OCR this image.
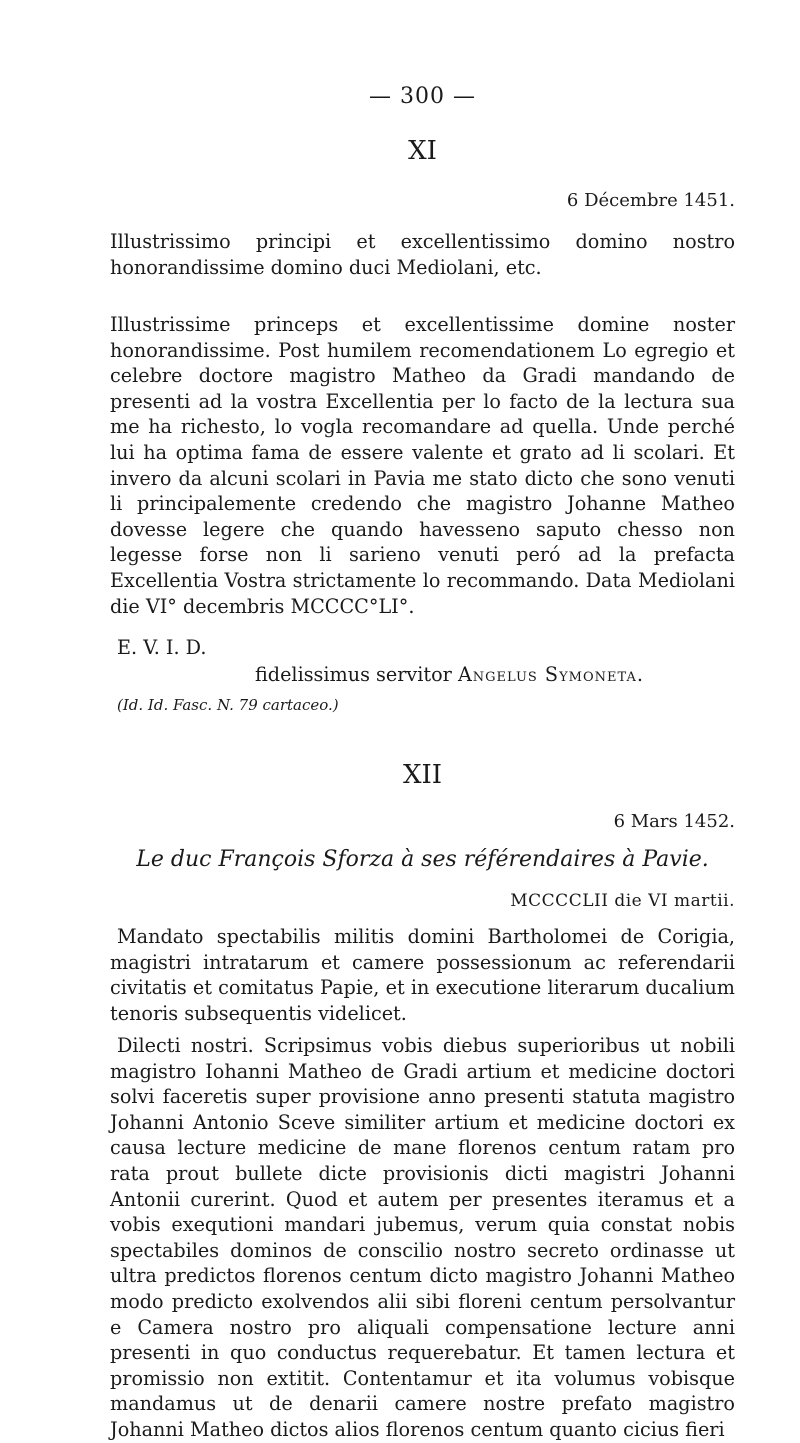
— 300 —
XI
6 Décembre 1451.

Illustrissimo principi et excellentissimo domino nostro honorandissime domino duci Mediolani, etc.

Illustrissime princeps et excellentissime domine noster honorandissime. Post humilem recomendationem Lo egregio et celebre doctore magistro Matheo da Gradi mandando de presenti ad la vostra Excellentia per lo facto de la lectura sua me ha richesto, lo vogla recomandare ad quella. Unde perché lui ha optima fama de essere valente et grato ad li scolari. Et invero da alcuni scolari in Pavia me stato dicto che sono venuti li principalemente credendo che magistro Johanne Matheo dovesse legere che quando havesseno saputo chesso non legesse forse non li sarieno venuti peró ad la prefacta Excellentia Vostra strictamente lo recommando. Data Mediolani die VI° decembris MCCCC°LI°.

E. V. I. D.
fidelissimus servitor Angelus Symoneta.
(Id. Id. Fasc. N. 79 cartaceo.)
XII
6 Mars 1452.
Le duc François Sforza à ses référendaires à Pavie.
MCCCCLII die VI martii.

Mandato spectabilis militis domini Bartholomei de Corigia, magistri intratarum et camere possessionum ac referendarii civitatis et comitatus Papie, et in executione literarum ducalium tenoris subsequentis videlicet.

Dilecti nostri. Scripsimus vobis diebus superioribus ut nobili magistro Iohanni Matheo de Gradi artium et medicine doctori solvi faceretis super provisione anno presenti statuta magistro Johanni Antonio Sceve similiter artium et medicine doctori ex causa lecture medicine de mane florenos centum ratam pro rata prout bullete dicte provisionis dicti magistri Johanni Antonii curerint. Quod et autem per presentes iteramus et a vobis exequtioni mandari jubemus, verum quia constat nobis spectabiles dominos de conscilio nostro secreto ordinasse ut ultra predictos florenos centum dicto magistro Johanni Matheo modo predicto exolvendos alii sibi floreni centum persolvantur e Camera nostro pro aliquali compensatione lecture anni presenti in quo conductus requerebatur. Et tamen lectura et promissio non extitit. Contentamur et ita volumus vobisque mandamus ut de denarii camere nostre prefato magistro Johanni Matheo dictos alios florenos centum quanto cicius fieri
